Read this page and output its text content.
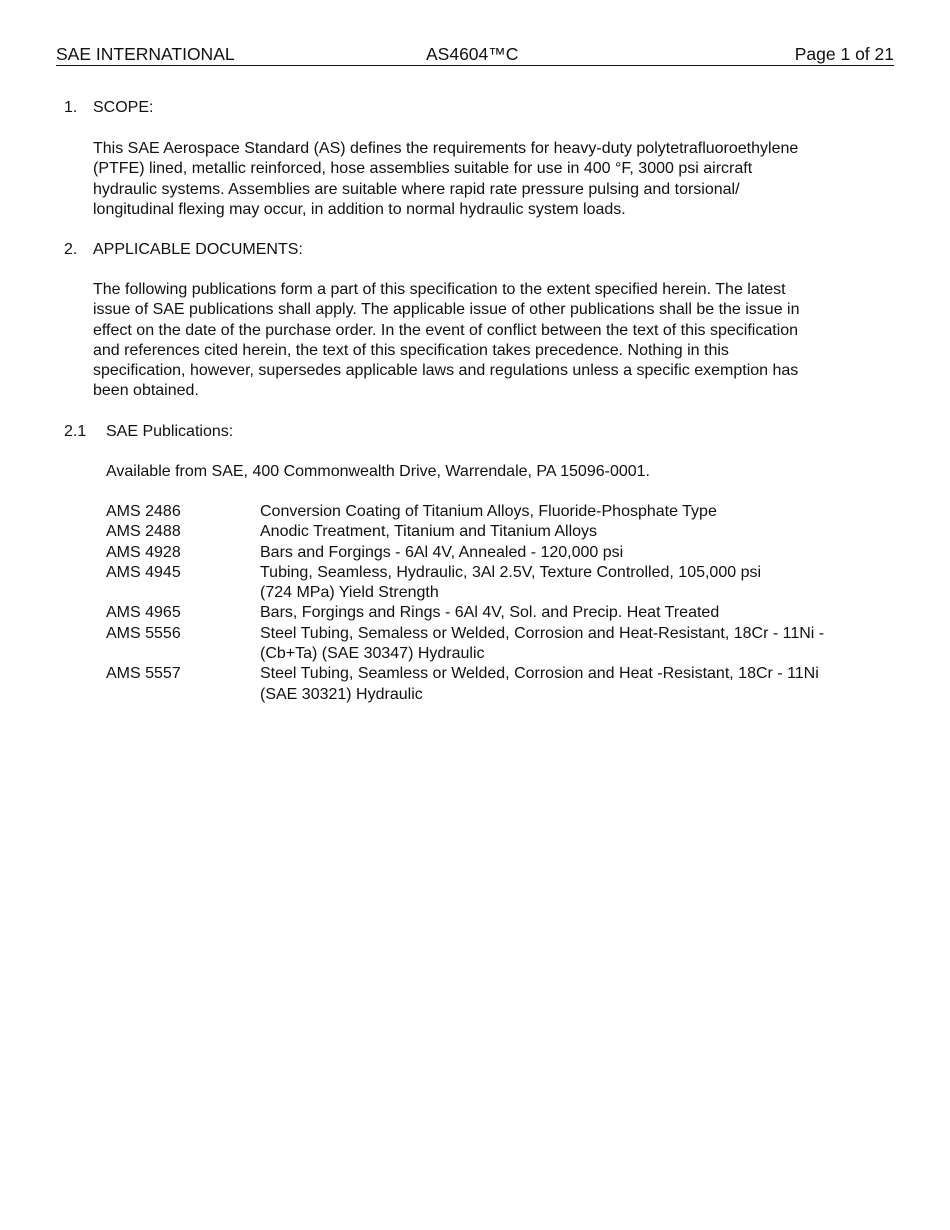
SAE INTERNATIONAL	AS4604™C	Page 1 of 21
1. SCOPE:

This SAE Aerospace Standard (AS) defines the requirements for heavy-duty polytetrafluoroethylene

(PTFE) lined, metallic reinforced, hose assemblies suitable for use in 400 °F, 3000 psi aircraft

hydraulic systems. Assemblies are suitable where rapid rate pressure pulsing and torsional/

longitudinal flexing may occur, in addition to normal hydraulic system loads.

2. APPLICABLE DOCUMENTS:

The following publications form a part of this specification to the extent specified herein. The latest

issue of SAE publications shall apply. The applicable issue of other publications shall be the issue in

effect on the date of the purchase order. In the event of conflict between the text of this specification

and references cited herein, the text of this specification takes precedence. Nothing in this

specification, however, supersedes applicable laws and regulations unless a specific exemption has

been obtained.

2.1 SAE Publications:

Available from SAE, 400 Commonwealth Drive, Warrendale, PA 15096-0001.

AMS 2486	Conversion Coating of Titanium Alloys, Fluoride-Phosphate Type
AMS 2488	Anodic Treatment, Titanium and Titanium Alloys
AMS 4928	Bars and Forgings - 6Al 4V, Annealed - 120,000 psi
AMS 4945	Tubing, Seamless, Hydraulic, 3Al 2.5V, Texture Controlled, 105,000 psi
(724 MPa) Yield Strength
AMS 4965	Bars, Forgings and Rings - 6Al 4V, Sol. and Precip. Heat Treated
AMS 5556	Steel Tubing, Semaless or Welded, Corrosion and Heat-Resistant, 18Cr - 11Ni -
(Cb+Ta) (SAE 30347) Hydraulic
AMS 5557	Steel Tubing, Seamless or Welded, Corrosion and Heat -Resistant, 18Cr - 11Ni
(SAE 30321) Hydraulic
